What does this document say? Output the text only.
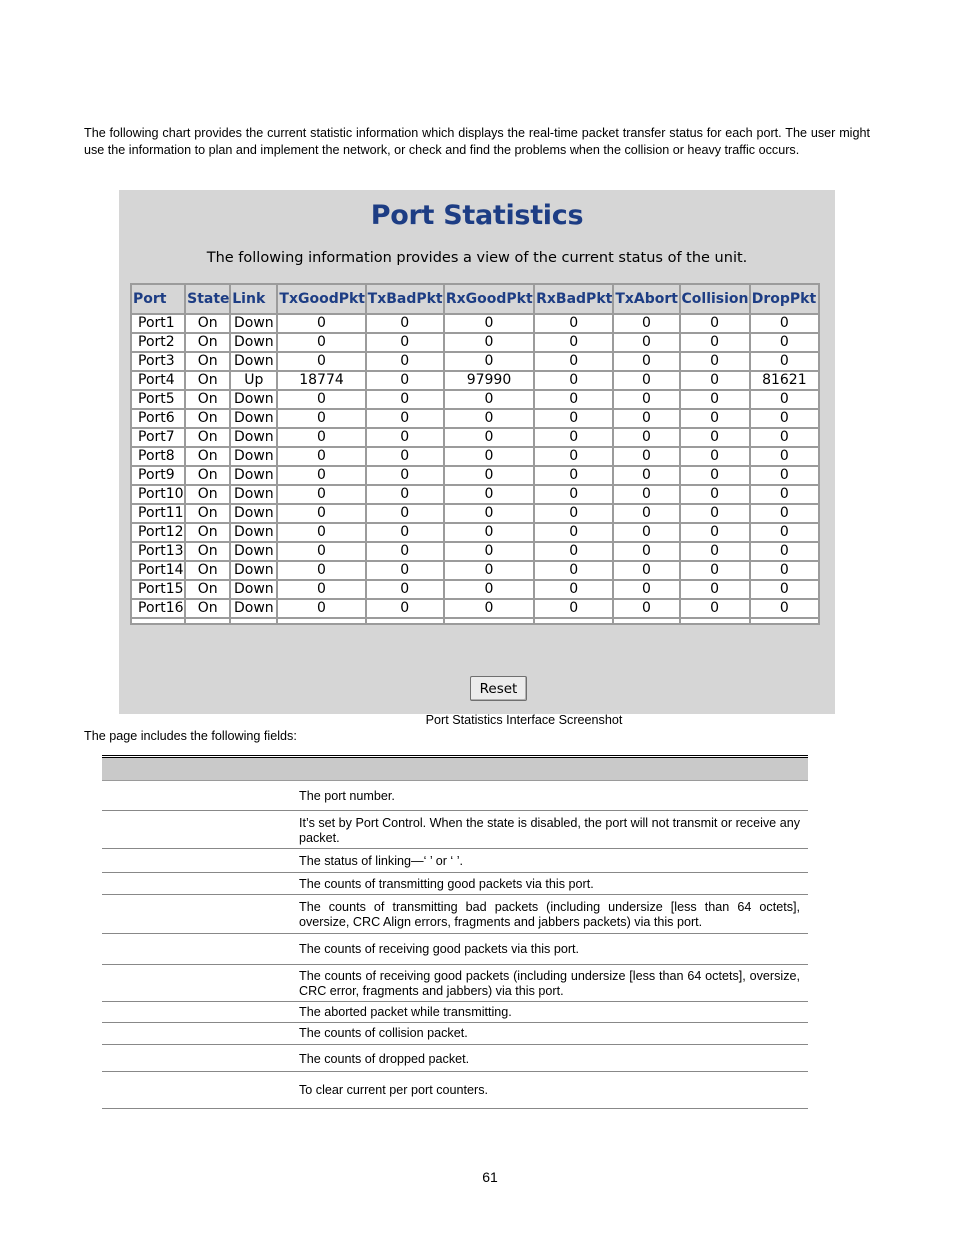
The following chart provides the current statistic information which displays the real-time packet transfer status for each port. The user might use the information to plan and implement the network, or check and find the problems when the collision or heavy traffic occurs.

Port Statistics

The following information provides a view of the current status of the unit.

Port	State	Link	TxGoodPkt	TxBadPkt	RxGoodPkt	RxBadPkt	TxAbort	Collision	DropPkt
Port1	On	Down	0	0	0	0	0	0	0
Port2	On	Down	0	0	0	0	0	0	0
Port3	On	Down	0	0	0	0	0	0	0
Port4	On	Up	18774	0	97990	0	0	0	81621
Port5	On	Down	0	0	0	0	0	0	0
Port6	On	Down	0	0	0	0	0	0	0
Port7	On	Down	0	0	0	0	0	0	0
Port8	On	Down	0	0	0	0	0	0	0
Port9	On	Down	0	0	0	0	0	0	0
Port10	On	Down	0	0	0	0	0	0	0
Port11	On	Down	0	0	0	0	0	0	0
Port12	On	Down	0	0	0	0	0	0	0
Port13	On	Down	0	0	0	0	0	0	0
Port14	On	Down	0	0	0	0	0	0	0
Port15	On	Down	0	0	0	0	0	0	0
Port16	On	Down	0	0	0	0	0	0	0

Reset

Port Statistics Interface Screenshot

The page includes the following fields:

The port number.
It’s set by Port Control. When the state is disabled, the port will not transmit or receive any packet.
The status of linking—‘ ’ or ‘ ’.
The counts of transmitting good packets via this port.
The counts of transmitting bad packets (including undersize [less than 64 octets], oversize, CRC Align errors, fragments and jabbers packets) via this port.
The counts of receiving good packets via this port.
The counts of receiving good packets (including undersize [less than 64 octets], oversize, CRC error, fragments and jabbers) via this port.
The aborted packet while transmitting.
The counts of collision packet.
The counts of dropped packet.
To clear current per port counters.

61
